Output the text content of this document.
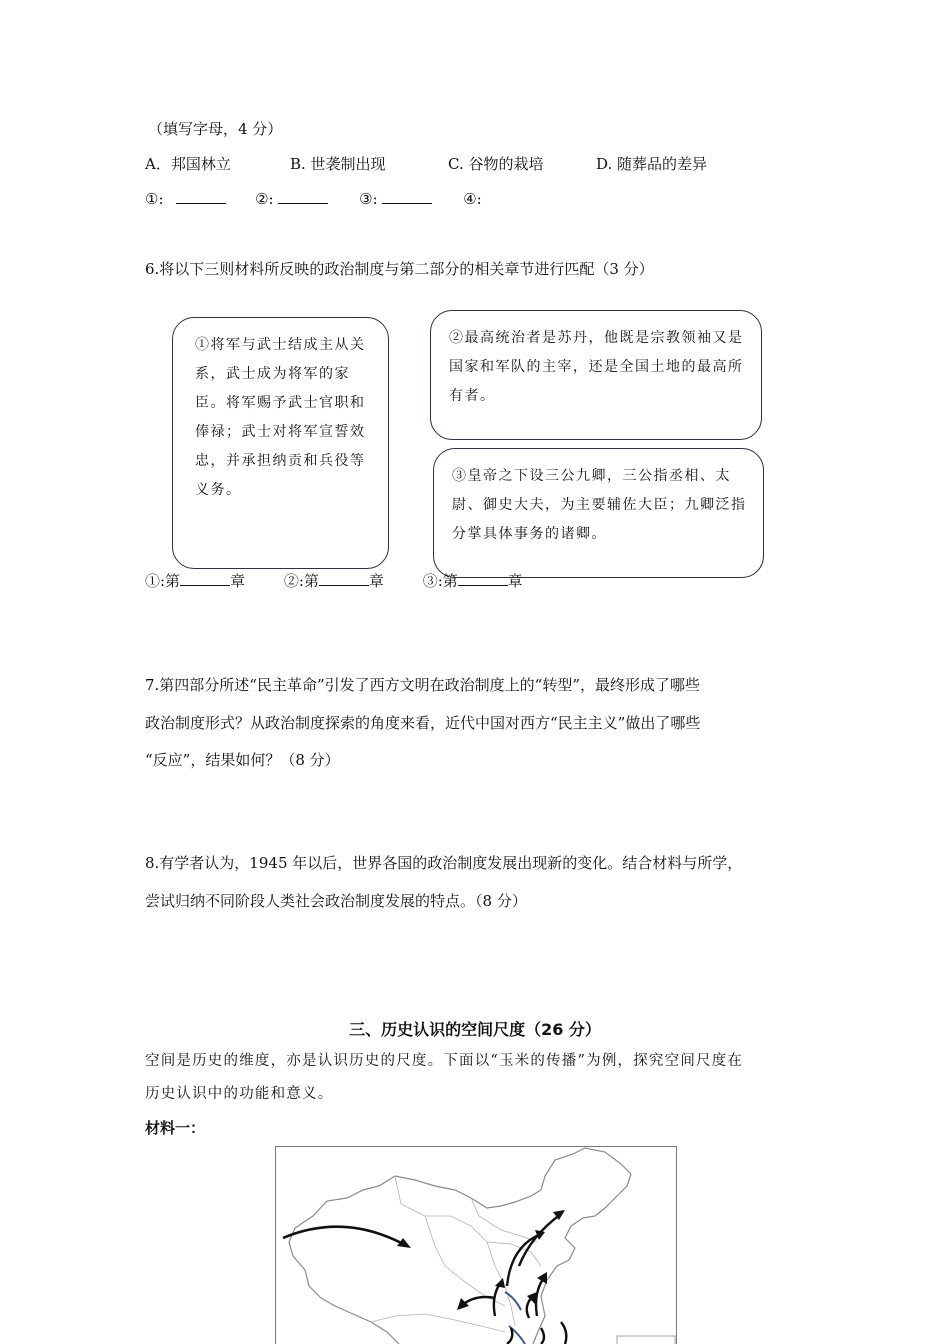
（填写字母，4 分）
A．邦国林立	B. 世袭制出现	C. 谷物的栽培	D. 随葬品的差异
①:	②:	③:	④:
6.将以下三则材料所反映的政治制度与第二部分的相关章节进行匹配（3 分）
①将军与武士结成主从关系，武士成为将军的家臣。将军赐予武士官职和俸禄；武士对将军宣誓效忠，并承担纳贡和兵役等义务。
②最高统治者是苏丹，他既是宗教领袖又是国家和军队的主宰，还是全国土地的最高所有者。
③皇帝之下设三公九卿，三公指丞相、太尉、御史大夫，为主要辅佐大臣；九卿泛指分掌具体事务的诸卿。
①:第	章	②:第	章	③:第	章
7.第四部分所述“民主革命”引发了西方文明在政治制度上的“转型”，最终形成了哪些
政治制度形式？从政治制度探索的角度来看，近代中国对西方“民主主义”做出了哪些
“反应”，结果如何？（8 分）
8.有学者认为，1945 年以后，世界各国的政治制度发展出现新的变化。结合材料与所学，
尝试归纳不同阶段人类社会政治制度发展的特点。（8 分）
三、历史认识的空间尺度（26 分）
空间是历史的维度，亦是认识历史的尺度。下面以“玉米的传播”为例，探究空间尺度在
历史认识中的功能和意义。
材料一：
